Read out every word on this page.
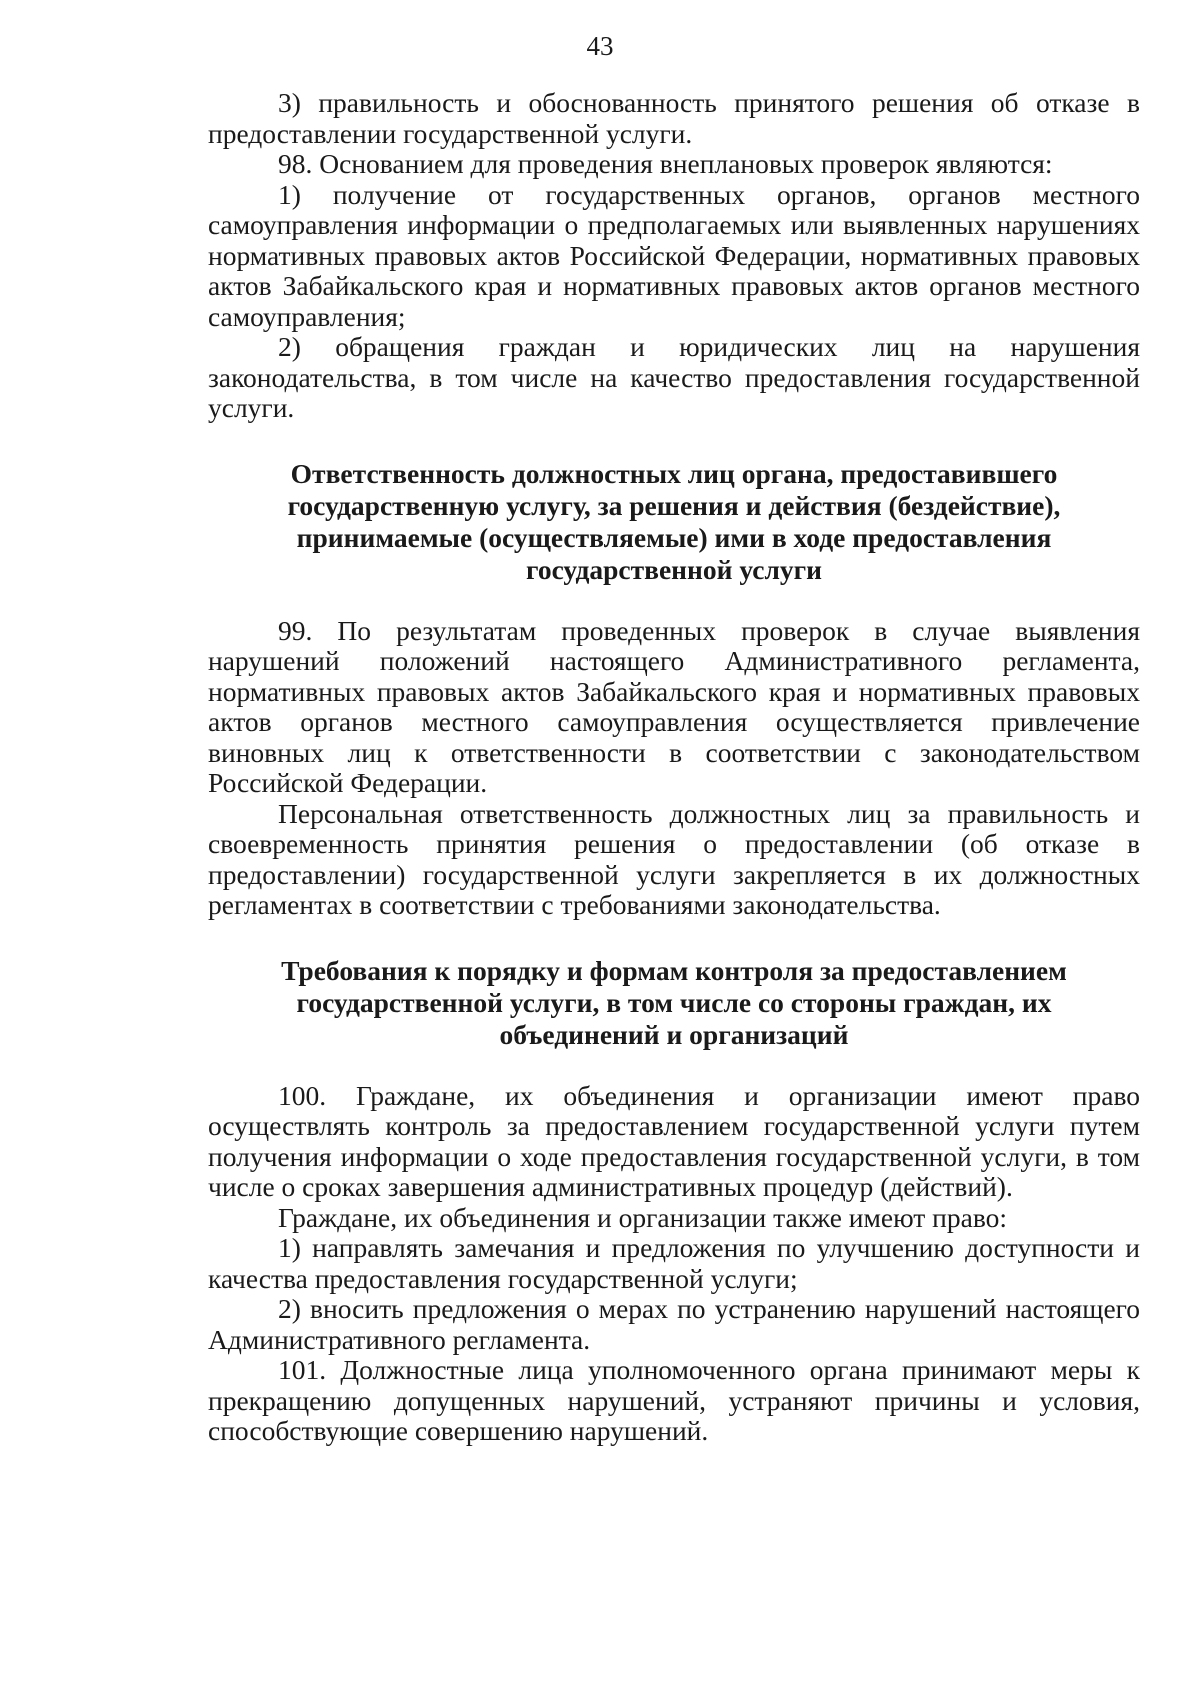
43

3) правильность и обоснованность принятого решения об отказе в предоставлении государственной услуги.

98. Основанием для проведения внеплановых проверок являются:

1) получение от государственных органов, органов местного самоуправления информации о предполагаемых или выявленных нарушениях нормативных правовых актов Российской Федерации, нормативных правовых актов Забайкальского края и нормативных правовых актов органов местного самоуправления;

2) обращения граждан и юридических лиц на нарушения законодательства, в том числе на качество предоставления государственной услуги.

Ответственность должностных лиц органа, предоставившего государственную услугу, за решения и действия (бездействие), принимаемые (осуществляемые) ими в ходе предоставления государственной услуги

99. По результатам проведенных проверок в случае выявления нарушений положений настоящего Административного регламента, нормативных правовых актов Забайкальского края и нормативных правовых актов органов местного самоуправления осуществляется привлечение виновных лиц к ответственности в соответствии с законодательством Российской Федерации.

Персональная ответственность должностных лиц за правильность и своевременность принятия решения о предоставлении (об отказе в предоставлении) государственной услуги закрепляется в их должностных регламентах в соответствии с требованиями законодательства.

Требования к порядку и формам контроля за предоставлением государственной услуги, в том числе со стороны граждан, их объединений и организаций

100. Граждане, их объединения и организации имеют право осуществлять контроль за предоставлением государственной услуги путем получения информации о ходе предоставления государственной услуги, в том числе о сроках завершения административных процедур (действий).

Граждане, их объединения и организации также имеют право:

1) направлять замечания и предложения по улучшению доступности и качества предоставления государственной услуги;

2) вносить предложения о мерах по устранению нарушений настоящего Административного регламента.

101. Должностные лица уполномоченного органа принимают меры к прекращению допущенных нарушений, устраняют причины и условия, способствующие совершению нарушений.
